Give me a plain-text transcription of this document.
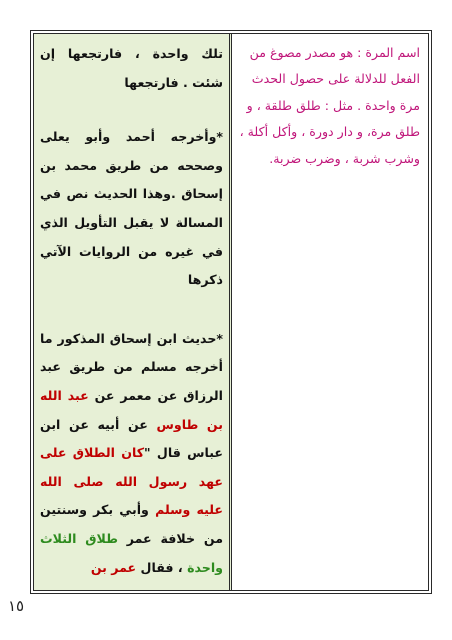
تلك واحدة ، فارتجعها إن شئت . فارتجعها

*وأخرجه أحمد وأبو يعلى وصححه من طريق محمد بن إسحاق .وهذا الحديث نص في المسالة لا يقبل التأويل الذي في غيره من الروايات الآتي ذكرها

*حديث ابن إسحاق المذكور ما أخرجه مسلم من طريق عبد الرزاق عن معمر عن عبد الله بن طاوس عن أبيه عن ابن عباس قال "كان الطلاق على عهد رسول الله صلى الله عليه وسلم وأبي بكر وسنتين من خلافة عمر طلاق الثلاث واحدة ، فقال عمر بن

اسم المرة : هو مصدر مصوغ من الفعل للدلالة على حصول الحدث مرة واحدة . مثل : طلق طلقة ، و طلق مرة، و دار دورة ، وأكل أكلة ، وشرب شربة ، وضرب ضربة.

١٥
